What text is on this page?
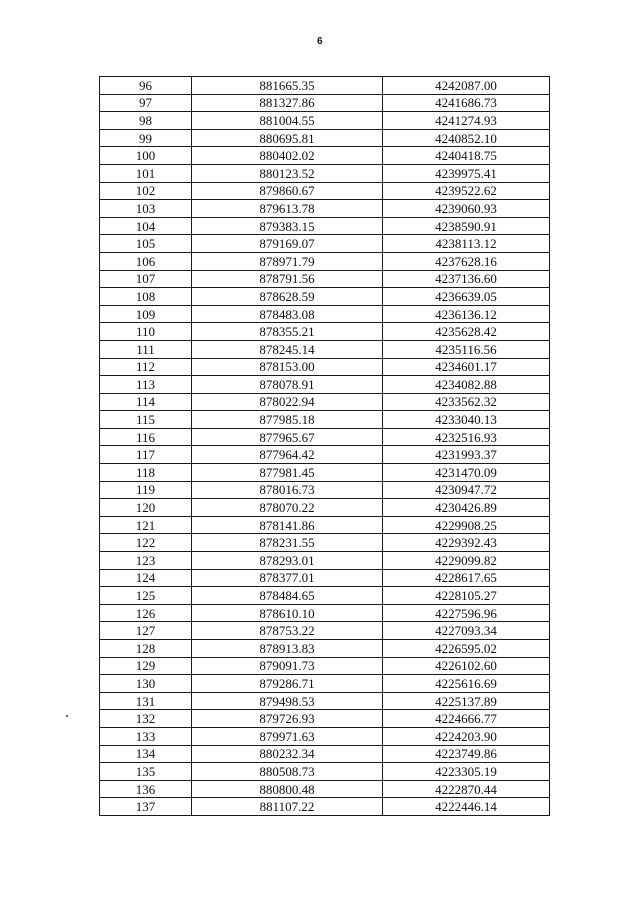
6
96	881665.35	4242087.00
97	881327.86	4241686.73
98	881004.55	4241274.93
99	880695.81	4240852.10
100	880402.02	4240418.75
101	880123.52	4239975.41
102	879860.67	4239522.62
103	879613.78	4239060.93
104	879383.15	4238590.91
105	879169.07	4238113.12
106	878971.79	4237628.16
107	878791.56	4237136.60
108	878628.59	4236639.05
109	878483.08	4236136.12
110	878355.21	4235628.42
111	878245.14	4235116.56
112	878153.00	4234601.17
113	878078.91	4234082.88
114	878022.94	4233562.32
115	877985.18	4233040.13
116	877965.67	4232516.93
117	877964.42	4231993.37
118	877981.45	4231470.09
119	878016.73	4230947.72
120	878070.22	4230426.89
121	878141.86	4229908.25
122	878231.55	4229392.43
123	878293.01	4229099.82
124	878377.01	4228617.65
125	878484.65	4228105.27
126	878610.10	4227596.96
127	878753.22	4227093.34
128	878913.83	4226595.02
129	879091.73	4226102.60
130	879286.71	4225616.69
131	879498.53	4225137.89
132	879726.93	4224666.77
133	879971.63	4224203.90
134	880232.34	4223749.86
135	880508.73	4223305.19
136	880800.48	4222870.44
137	881107.22	4222446.14
